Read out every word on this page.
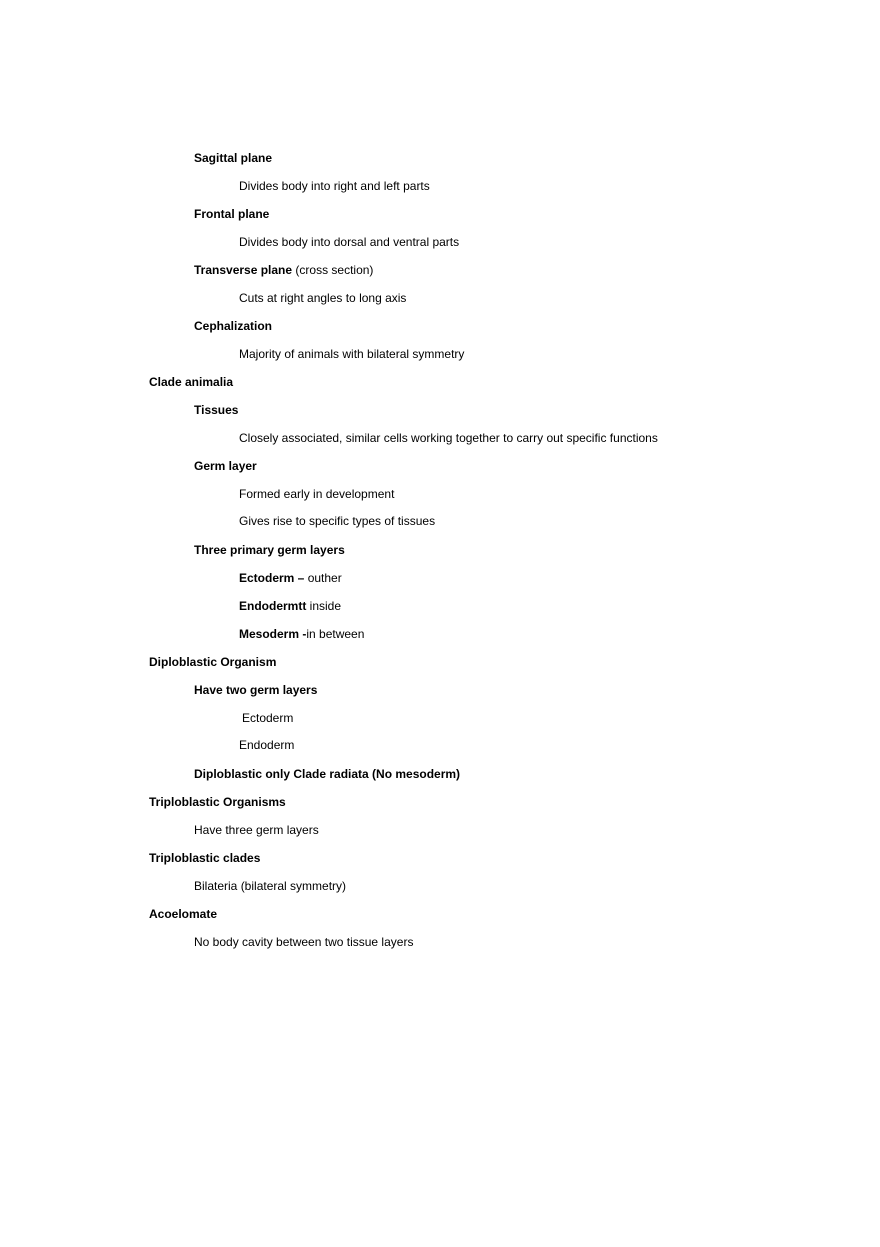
Sagittal plane
Divides body into right and left parts
Frontal plane
Divides body into dorsal and ventral parts
Transverse plane (cross section)
Cuts at right angles to long axis
Cephalization
Majority of animals with bilateral symmetry
Clade animalia
Tissues
Closely associated, similar cells working together to carry out specific functions
Germ layer
Formed early in development
Gives rise to specific types of tissues
Three primary germ layers
Ectoderm – outher
Endodermtt inside
Mesoderm -in between
Diploblastic Organism
Have two germ layers
Ectoderm
Endoderm
Diploblastic only Clade radiata (No mesoderm)
Triploblastic Organisms
Have three germ layers
Triploblastic clades
Bilateria (bilateral symmetry)
Acoelomate
No body cavity between two tissue layers
